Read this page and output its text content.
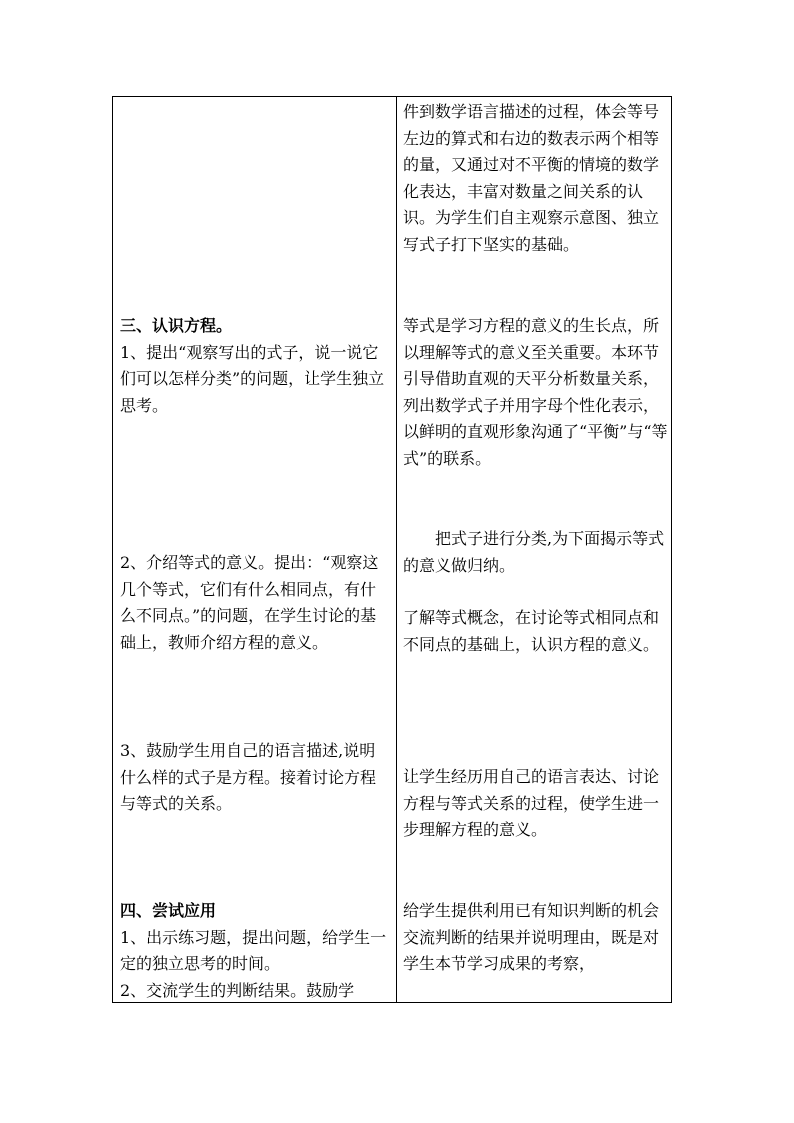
件到数学语言描述的过程，体会等号左边的算式和右边的数表示两个相等的量，又通过对不平衡的情境的数学化表达，丰富对数量之间关系的认识。为学生们自主观察示意图、独立写式子打下坚实的基础。

三、认识方程。

1、提出“观察写出的式子，说一说它们可以怎样分类”的问题，让学生独立思考。

等式是学习方程的意义的生长点，所以理解等式的意义至关重要。本环节引导借助直观的天平分析数量关系，列出数学式子并用字母个性化表示，以鲜明的直观形象沟通了“平衡”与“等式”的联系。

　　把式子进行分类,为下面揭示等式的意义做归纳。

2、介绍等式的意义。提出：“观察这几个等式，它们有什么相同点，有什么不同点。”的问题，在学生讨论的基础上，教师介绍方程的意义。

了解等式概念，在讨论等式相同点和不同点的基础上，认识方程的意义。

3、鼓励学生用自己的语言描述,说明什么样的式子是方程。接着讨论方程与等式的关系。

让学生经历用自己的语言表达、讨论方程与等式关系的过程，使学生进一步理解方程的意义。

四、尝试应用

1、出示练习题，提出问题，给学生一定的独立思考的时间。

2、交流学生的判断结果。鼓励学

给学生提供利用已有知识判断的机会

交流判断的结果并说明理由，既是对学生本节学习成果的考察，
